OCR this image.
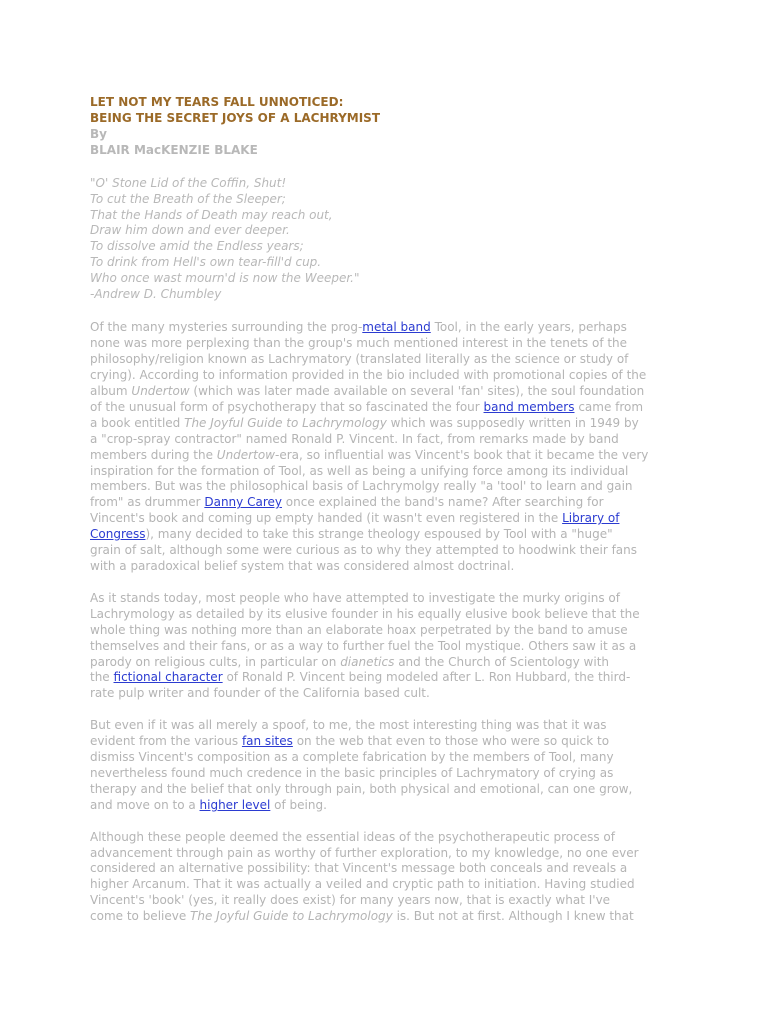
LET NOT MY TEARS FALL UNNOTICED:
BEING THE SECRET JOYS OF A LACHRYMIST
By
BLAIR MacKENZIE BLAKE
"O' Stone Lid of the Coffin, Shut!
To cut the Breath of the Sleeper;
That the Hands of Death may reach out,
Draw him down and ever deeper.
To dissolve amid the Endless years;
To drink from Hell's own tear-fill'd cup.
Who once wast mourn'd is now the Weeper."
-Andrew D. Chumbley

Of the many mysteries surrounding the prog-metal band Tool, in the early years, perhaps
none was more perplexing than the group's much mentioned interest in the tenets of the
philosophy/religion known as Lachrymatory (translated literally as the science or study of
crying). According to information provided in the bio included with promotional copies of the
album Undertow (which was later made available on several 'fan' sites), the soul foundation
of the unusual form of psychotherapy that so fascinated the four band members came from
a book entitled The Joyful Guide to Lachrymology which was supposedly written in 1949 by
a "crop-spray contractor" named Ronald P. Vincent. In fact, from remarks made by band
members during the Undertow-era, so influential was Vincent's book that it became the very
inspiration for the formation of Tool, as well as being a unifying force among its individual
members. But was the philosophical basis of Lachrymolgy really "a 'tool' to learn and gain
from" as drummer Danny Carey once explained the band's name? After searching for
Vincent's book and coming up empty handed (it wasn't even registered in the Library of
Congress), many decided to take this strange theology espoused by Tool with a "huge"
grain of salt, although some were curious as to why they attempted to hoodwink their fans
with a paradoxical belief system that was considered almost doctrinal.

As it stands today, most people who have attempted to investigate the murky origins of
Lachrymology as detailed by its elusive founder in his equally elusive book believe that the
whole thing was nothing more than an elaborate hoax perpetrated by the band to amuse
themselves and their fans, or as a way to further fuel the Tool mystique. Others saw it as a
parody on religious cults, in particular on dianetics and the Church of Scientology with
the fictional character of Ronald P. Vincent being modeled after L. Ron Hubbard, the third-
rate pulp writer and founder of the California based cult.

But even if it was all merely a spoof, to me, the most interesting thing was that it was
evident from the various fan sites on the web that even to those who were so quick to
dismiss Vincent's composition as a complete fabrication by the members of Tool, many
nevertheless found much credence in the basic principles of Lachrymatory of crying as
therapy and the belief that only through pain, both physical and emotional, can one grow,
and move on to a higher level of being.

Although these people deemed the essential ideas of the psychotherapeutic process of
advancement through pain as worthy of further exploration, to my knowledge, no one ever
considered an alternative possibility: that Vincent's message both conceals and reveals a
higher Arcanum. That it was actually a veiled and cryptic path to initiation. Having studied
Vincent's 'book' (yes, it really does exist) for many years now, that is exactly what I've
come to believe The Joyful Guide to Lachrymology is. But not at first. Although I knew that
